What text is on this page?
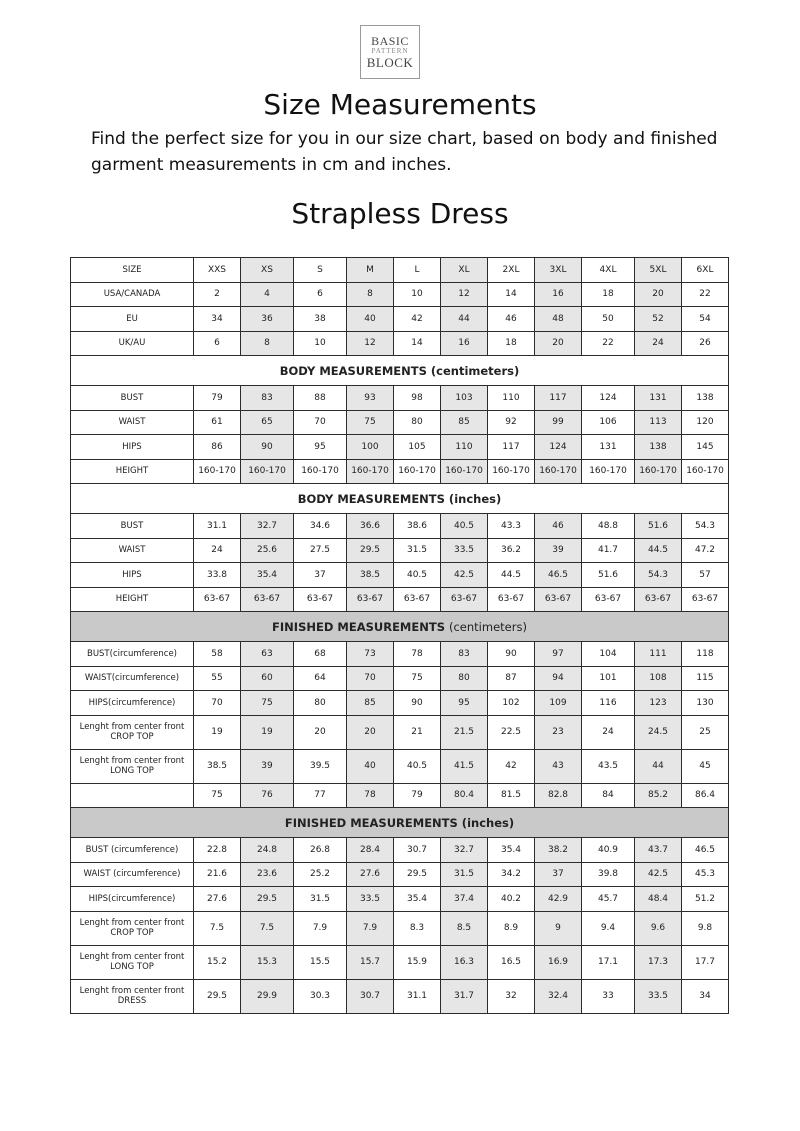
BASIC
PATTERN
BLOCK
Size Measurements
Find the perfect size for you in our size chart, based on body and finished garment measurements in cm and inches.
Strapless Dress
SIZE	XXS	XS	S	M	L	XL	2XL	3XL	4XL	5XL	6XL
USA/CANADA	2	4	6	8	10	12	14	16	18	20	22
EU	34	36	38	40	42	44	46	48	50	52	54
UK/AU	6	8	10	12	14	16	18	20	22	24	26
BODY MEASUREMENTS (centimeters)											
BUST	79	83	88	93	98	103	110	117	124	131	138
WAIST	61	65	70	75	80	85	92	99	106	113	120
HIPS	86	90	95	100	105	110	117	124	131	138	145
HEIGHT	160-170	160-170	160-170	160-170	160-170	160-170	160-170	160-170	160-170	160-170	160-170
BODY MEASUREMENTS (inches)											
BUST	31.1	32.7	34.6	36.6	38.6	40.5	43.3	46	48.8	51.6	54.3
WAIST	24	25.6	27.5	29.5	31.5	33.5	36.2	39	41.7	44.5	47.2
HIPS	33.8	35.4	37	38.5	40.5	42.5	44.5	46.5	51.6	54.3	57
HEIGHT	63-67	63-67	63-67	63-67	63-67	63-67	63-67	63-67	63-67	63-67	63-67
FINISHED MEASUREMENTS (centimeters)											
BUST(circumference)	58	63	68	73	78	83	90	97	104	111	118
WAIST(circumference)	55	60	64	70	75	80	87	94	101	108	115
HIPS(circumference)	70	75	80	85	90	95	102	109	116	123	130
Lenght from center front CROP TOP	19	19	20	20	21	21.5	22.5	23	24	24.5	25
Lenght from center front LONG TOP	38.5	39	39.5	40	40.5	41.5	42	43	43.5	44	45
	75	76	77	78	79	80.4	81.5	82.8	84	85.2	86.4
FINISHED MEASUREMENTS (inches)											
BUST (circumference)	22.8	24.8	26.8	28.4	30.7	32.7	35.4	38.2	40.9	43.7	46.5
WAIST (circumference)	21.6	23.6	25.2	27.6	29.5	31.5	34.2	37	39.8	42.5	45.3
HIPS(circumference)	27.6	29.5	31.5	33.5	35.4	37.4	40.2	42.9	45.7	48.4	51.2
Lenght from center front CROP TOP	7.5	7.5	7.9	7.9	8.3	8.5	8.9	9	9.4	9.6	9.8
Lenght from center front LONG TOP	15.2	15.3	15.5	15.7	15.9	16.3	16.5	16.9	17.1	17.3	17.7
Lenght from center front DRESS	29.5	29.9	30.3	30.7	31.1	31.7	32	32.4	33	33.5	34
